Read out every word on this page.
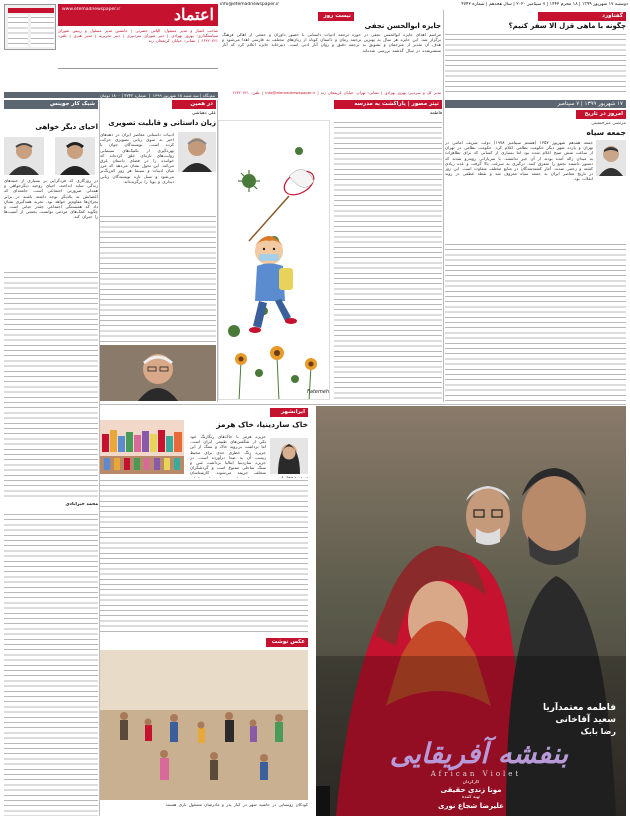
دوشنبه ۱۷ شهریور ۱۳۹۹ | ۱۸ محرم ۱۴۴۲ | ۷ سپتامبر ۲۰۲۰ | سال هجدهم | شماره ۴۷۴۲
info@etemadnewspaper.ir
www.etemadnewspaper.ir	اعتماد
صاحب امتیاز و مدیر مسئول: الیاس حضرتی | جانشین مدیر مسئول و رییس شورای سیاستگذاری: بهروز بهزادی | دبیر شورای سردبیری | دبیر تحریریه | مدیر هنری | تلفن: ۶۶۴۲۰۷۶۱ | نشانی: خیابان کریمخان زند
نیم‌نگاه | سه شنبه ۱۸ شهریور ۱۳۹۹  |  شماره ۴۷۴۲ | ۱۸۰۰ تومان
گفتاورد
چگونه با ماهی قزل آلا سفر کنیم؟
نیست روز
جایزه ابوالحسن نجفی
مراسم اهدای جایزه ابوالحسن نجفی در حوزه ترجمه ادبیات داستانی با حضور داوران و جمعی از اهالی فرهنگ برگزار شد. این جایزه هر سال به بهترین ترجمه رمان و داستان کوتاه از زبان‌های مختلف به فارسی اهدا می‌شود و هدف آن تقدیر از مترجمان و تشویق به ترجمه دقیق و روان آثار ادبی است. دبیرخانه جایزه اعلام کرد که آثار منتشرشده در سال گذشته بررسی شده‌اند.
مدیر کل و سردبیر: بهروز بهزادی | نشانی: تهران، خیابان کریمخان زند | info@etemadnewspaper.ir | تلفن: ۶۶۴۲۰۷۶۱
۱۷ شهریور ۱۳۹۹ | ۷ سپتامبر
امروز در تاریخ
مرتضی میرحسینی
جمعه سیاه
جمعه هفدهم شهریور ۱۳۵۷ (هشتم سپتامبر ۱۹۷۸) دولت شریف امامی در تهران و یازده شهر دیگر حکومت نظامی اعلام کرد. حکومت نظامی در تهران از ساعت شش صبح اعلام شده بود اما بسیاری از کسانی که برای تظاهرات به میدان ژاله آمده بودند از آن خبر نداشتند. با سربازانی روبه‌رو شدند که دستور داشتند تجمع را متفرق کنند. درگیری به سرعت بالا گرفت و عده زیادی کشته و زخمی شدند. آمار کشته‌شدگان در منابع مختلف متفاوت است. این روز در تاریخ معاصر ایران به جمعه سیاه معروف شد و نقطه عطفی در روند انقلاب بود.
تیتر مصور | یاراکشت به مدرسه
فاطمه
Fatemeh
در همین
علی دهباشی
زبان داستانی و قابلیت تصویری
ادبیات داستانی معاصر ایران در دهه‌های اخیر به سوی زبانی تصویری حرکت کرده است. نویسندگان جوان با بهره‌گیری از تکنیک‌های سینمایی روایت‌های تازه‌ای خلق کرده‌اند که خواننده را در فضای داستان غرق می‌کند. این تحول نشان می‌دهد که مرز میان ادبیات و سینما هر روز کم‌رنگ‌تر می‌شود و نسل تازه نویسندگان زبانی دیداری و پویا را برگزیده‌اند.
شیک کار جوینس
احیای دیگر خواهی
در روزگاری که فردگرایی بر بسیاری از جنبه‌های زندگی سایه انداخته، احیای روحیه دیگرخواهی و همدلی ضرورتی اجتماعی است. جامعه‌ای که اعضایش به یکدیگر توجه داشته باشند در برابر بحران‌ها مقاوم‌تر خواهد بود. تجربه همه‌گیری نشان داد که همبستگی اجتماعی چقدر حیاتی است و چگونه کمک‌های مردمی توانست بخشی از آسیب‌ها را جبران کند.
محمد خیرآبادی
ایرانشهر
خاک ساردینیا، خاک هرمز
جزیره هرمز با خاک‌های رنگارنگ خود یکی از شگفتی‌های طبیعی ایران است. اما برداشت بی‌رویه خاک و سنگ از این جزیره زنگ خطری جدی برای محیط زیست آن به صدا درآورده است. در جزیره ساردینیا ایتالیا برداشت شن و سنگ ساحلی ممنوع است و گردشگران متخلف جریمه می‌شوند. کارشناسان
عکس نوشت
کودکان روستایی در حاشیه شهر در کنار پدر و مادرشان مشغول بازی هستند
فاطمه معتمدآریا
سعید آقاخانی
رضا بابک
بنفشه آفریقایی
African Violet
کارگردان
مونا زندی حقیقی
تهیه کننده
علیرضا شجاع نوری
